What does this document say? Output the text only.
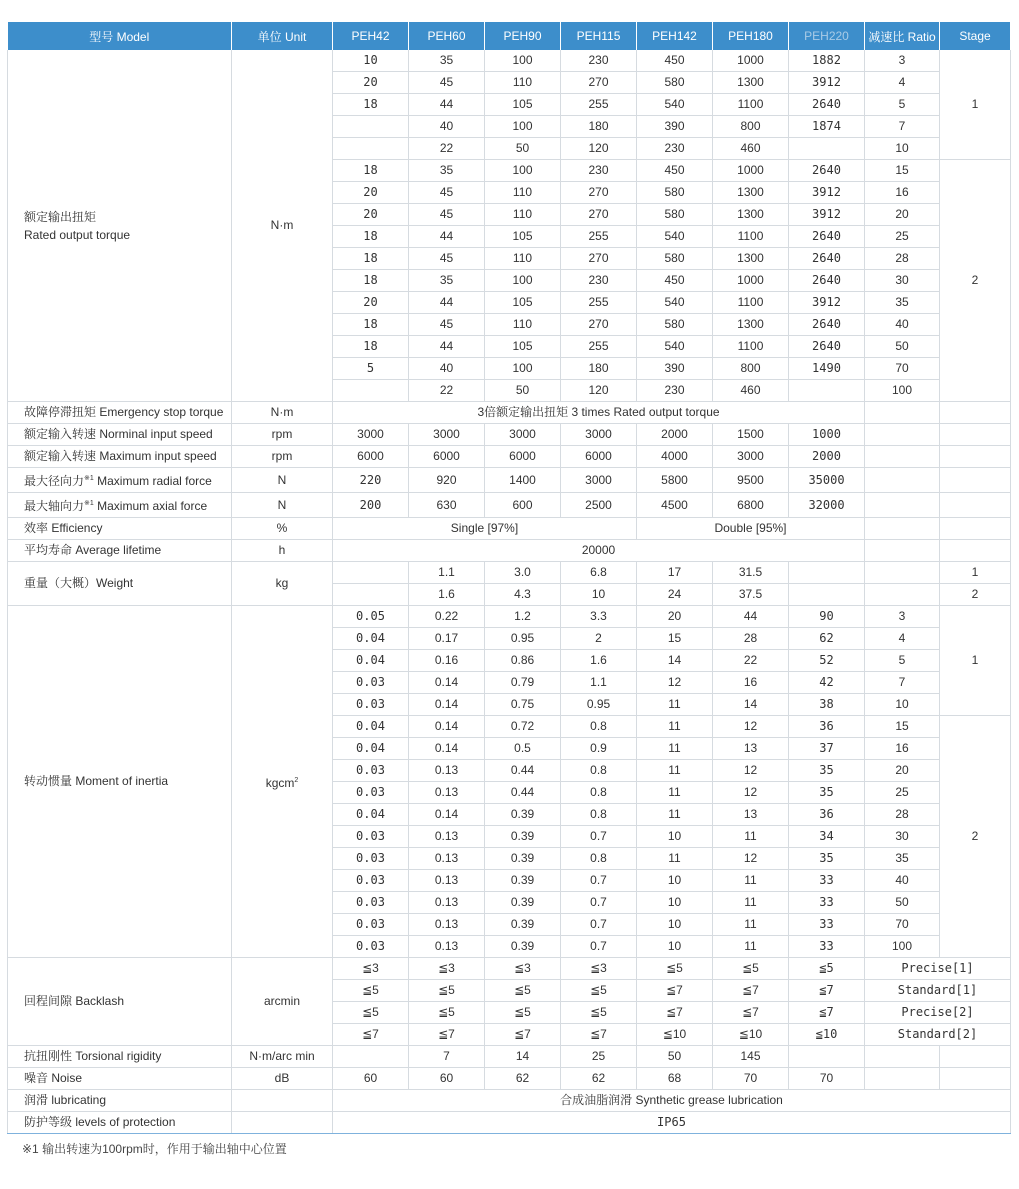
型号 Model	单位 Unit	PEH42	PEH60	PEH90	PEH115	PEH142	PEH180	PEH220	减速比 Ratio	Stage

额定输出扭矩
Rated output torque	N·m	10	35	100	230	450	1000	1882	3	1
		20	45	110	270	580	1300	3912	4	
		18	44	105	255	540	1100	2640	5	
			40	100	180	390	800	1874	7	
			22	50	120	230	460		10	
		18	35	100	230	450	1000	2640	15	2
		20	45	110	270	580	1300	3912	16	
		20	45	110	270	580	1300	3912	20	
		18	44	105	255	540	1100	2640	25	
		18	45	110	270	580	1300	2640	28	
		18	35	100	230	450	1000	2640	30	
		20	44	105	255	540	1100	3912	35	
		18	45	110	270	580	1300	2640	40	
		18	44	105	255	540	1100	2640	50	
		5	40	100	180	390	800	1490	70	
			22	50	120	230	460		100	
故障停滞扭矩 Emergency stop torque	N·m	3倍额定输出扭矩 3 times Rated output torque								
额定输入转速 Norminal input speed	rpm	3000	3000	3000	3000	2000	1500	1000		
额定输入转速 Maximum input speed	rpm	6000	6000	6000	6000	4000	3000	2000		
最大径向力$^{※1}$ Maximum radial force	N	220	920	1400	3000	5800	9500	35000		
最大轴向力$^{※1}$ Maximum axial force	N	200	630	600	2500	4500	6800	32000		
效率 Efficiency	%	Single [97%]				Double [95%]				
平均寿命 Average lifetime	h	20000								
重量（大概）Weight	kg		1.1	3.0	6.8	17	31.5			1
			1.6	4.3	10	24	37.5			2
转动惯量 Moment of inertia	kgcm$^2$	0.05	0.22	1.2	3.3	20	44	90	3	1
		0.04	0.17	0.95	2	15	28	62	4	
		0.04	0.16	0.86	1.6	14	22	52	5	
		0.03	0.14	0.79	1.1	12	16	42	7	
		0.03	0.14	0.75	0.95	11	14	38	10	
		0.04	0.14	0.72	0.8	11	12	36	15	2
		0.04	0.14	0.5	0.9	11	13	37	16	
		0.03	0.13	0.44	0.8	11	12	35	20	
		0.03	0.13	0.44	0.8	11	12	35	25	
		0.04	0.14	0.39	0.8	11	13	36	28	
		0.03	0.13	0.39	0.7	10	11	34	30	
		0.03	0.13	0.39	0.8	11	12	35	35	
		0.03	0.13	0.39	0.7	10	11	33	40	
		0.03	0.13	0.39	0.7	10	11	33	50	
		0.03	0.13	0.39	0.7	10	11	33	70	
		0.03	0.13	0.39	0.7	10	11	33	100	
回程间隙 Backlash	arcmin	≦3	≦3	≦3	≦3	≦5	≦5	≦5	Precise[1]	
		≦5	≦5	≦5	≦5	≦7	≦7	≦7	Standard[1]	
		≦5	≦5	≦5	≦5	≦7	≦7	≦7	Precise[2]	
		≦7	≦7	≦7	≦7	≦10	≦10	≦10	Standard[2]	
抗扭刚性 Torsional rigidity	N·m/arc min		7	14	25	50	145			
噪音 Noise	dB	60	60	62	62	68	70	70		
润滑 lubricating		合成油脂润滑 Synthetic grease lubrication								
防护等级 levels of protection		IP65								
※1 输出转速为100rpm时，作用于输出轴中心位置
